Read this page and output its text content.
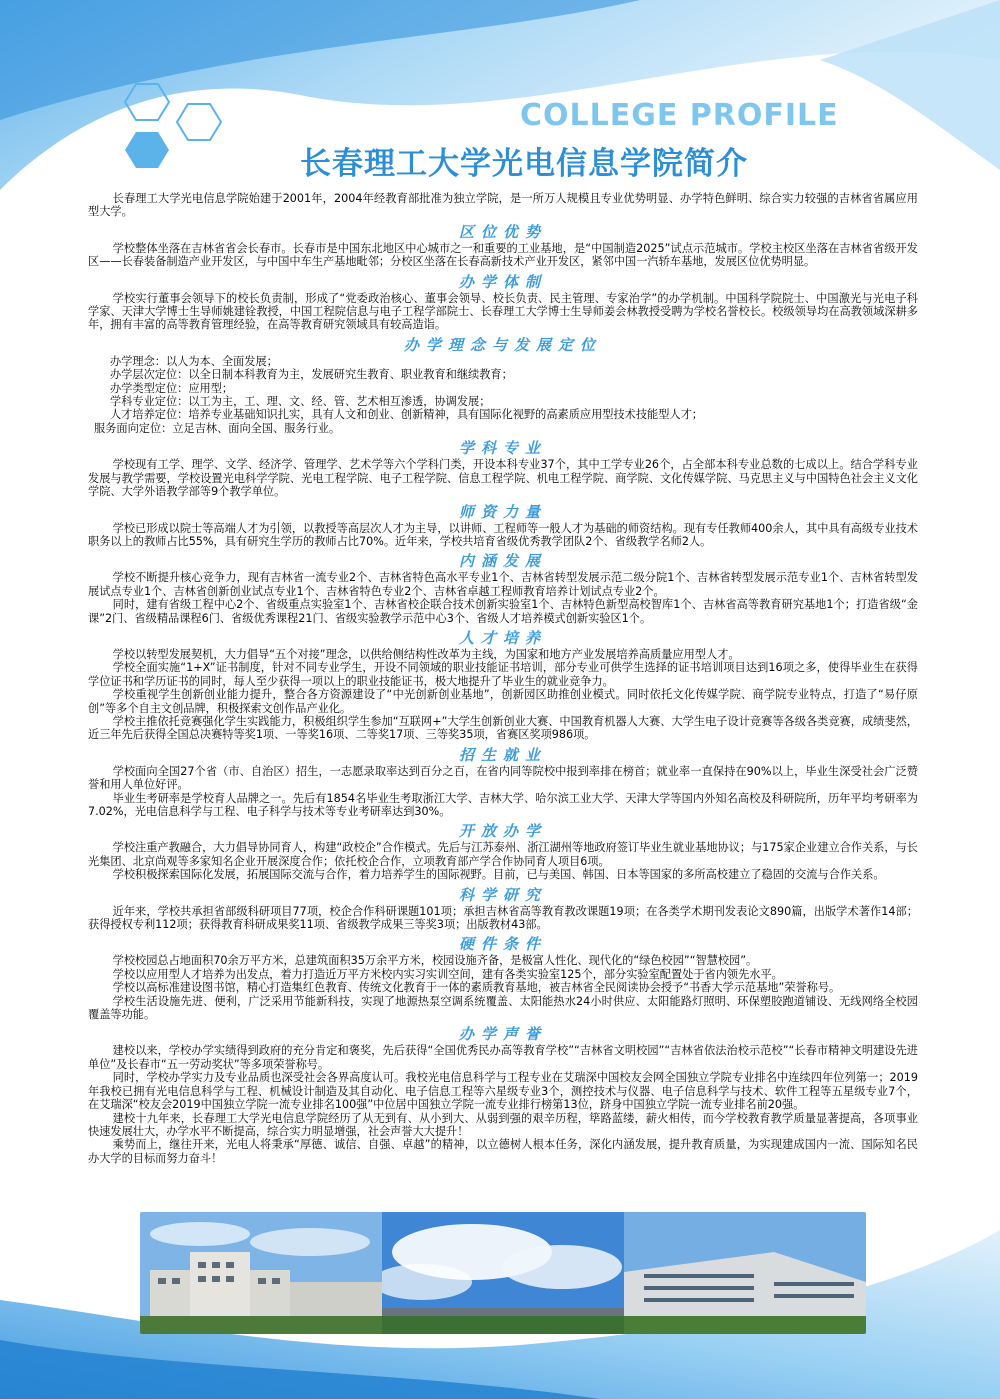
COLLEGE PROFILE
长春理工大学光电信息学院简介

长春理工大学光电信息学院始建于2001年，2004年经教育部批准为独立学院，是一所万人规模且专业优势明显、办学特色鲜明、综合实力较强的吉林省省属应用型大学。

区位优势

学校整体坐落在吉林省省会长春市。长春市是中国东北地区中心城市之一和重要的工业基地，是“中国制造2025”试点示范城市。学校主校区坐落在吉林省省级开发区——长春装备制造产业开发区，与中国中车生产基地毗邻；分校区坐落在长春高新技术产业开发区，紧邻中国一汽轿车基地，发展区位优势明显。

办学体制

学校实行董事会领导下的校长负责制，形成了“党委政治核心、董事会领导、校长负责、民主管理、专家治学”的办学机制。中国科学院院士、中国激光与光电子科学家、天津大学博士生导师姚建铨教授，中国工程院信息与电子工程学部院士、长春理工大学博士生导师姜会林教授受聘为学校名誉校长。校级领导均在高教领域深耕多年，拥有丰富的高等教育管理经验，在高等教育研究领域具有较高造诣。

办学理念与发展定位
办学理念：以人为本、全面发展；
办学层次定位：以全日制本科教育为主，发展研究生教育、职业教育和继续教育；
办学类型定位：应用型；
学科专业定位：以工为主，工、理、文、经、管、艺术相互渗透，协调发展；
人才培养定位：培养专业基础知识扎实，具有人文和创业、创新精神，具有国际化视野的高素质应用型技术技能型人才；
服务面向定位：立足吉林、面向全国、服务行业。
学科专业

学校现有工学、理学、文学、经济学、管理学、艺术学等六个学科门类，开设本科专业37个，其中工学专业26个，占全部本科专业总数的七成以上。结合学科专业发展与教学需要，学校设置光电科学学院、光电工程学院、电子工程学院、信息工程学院、机电工程学院、商学院、文化传媒学院、马克思主义与中国特色社会主义文化学院、大学外语教学部等9个教学单位。

师资力量

学校已形成以院士等高端人才为引领，以教授等高层次人才为主导，以讲师、工程师等一般人才为基础的师资结构。现有专任教师400余人，其中具有高级专业技术职务以上的教师占比55%，具有研究生学历的教师占比70%。近年来，学校共培育省级优秀教学团队2个、省级教学名师2人。

内涵发展

学校不断提升核心竞争力，现有吉林省一流专业2个、吉林省特色高水平专业1个、吉林省转型发展示范二级分院1个、吉林省转型发展示范专业1个、吉林省转型发展试点专业1个、吉林省创新创业试点专业1个、吉林省特色专业2个、吉林省卓越工程师教育培养计划试点专业2个。

同时，建有省级工程中心2个、省级重点实验室1个、吉林省校企联合技术创新实验室1个、吉林特色新型高校智库1个、吉林省高等教育研究基地1个；打造省级“金课”2门、省级精品课程6门、省级优秀课程21门、省级实验教学示范中心3个、省级人才培养模式创新实验区1个。

人才培养

学校以转型发展契机，大力倡导“五个对接”理念，以供给侧结构性改革为主线，为国家和地方产业发展培养高质量应用型人才。

学校全面实施“1+X”证书制度，针对不同专业学生，开设不同领域的职业技能证书培训，部分专业可供学生选择的证书培训项目达到16项之多，使得毕业生在获得学位证书和学历证书的同时，每人至少获得一项以上的职业技能证书，极大地提升了毕业生的就业竞争力。

学校重视学生创新创业能力提升，整合各方资源建设了“中光创新创业基地”，创新园区助推创业模式。同时依托文化传媒学院、商学院专业特点，打造了“易仔原创”等多个自主文创品牌，积极探索文创作品产业化。

学校主推依托竞赛强化学生实践能力，积极组织学生参加“互联网+”大学生创新创业大赛、中国教育机器人大赛、大学生电子设计竞赛等各级各类竞赛，成绩斐然，近三年先后获得全国总决赛特等奖1项、一等奖16项、二等奖17项、三等奖35项，省赛区奖项986项。

招生就业

学校面向全国27个省（市、自治区）招生，一志愿录取率达到百分之百，在省内同等院校中报到率排在榜首；就业率一直保持在90%以上，毕业生深受社会广泛赞誉和用人单位好评。

毕业生考研率是学校育人品牌之一。先后有1854名毕业生考取浙江大学、吉林大学、哈尔滨工业大学、天津大学等国内外知名高校及科研院所，历年平均考研率为7.02%，光电信息科学与工程、电子科学与技术等专业考研率达到30%。

开放办学

学校注重产教融合，大力倡导协同育人，构建“政校企”合作模式。先后与江苏泰州、浙江湖州等地政府签订毕业生就业基地协议；与175家企业建立合作关系，与长光集团、北京尚观等多家知名企业开展深度合作；依托校企合作，立项教育部产学合作协同育人项目6项。

学校积极探索国际化发展，拓展国际交流与合作，着力培养学生的国际视野。目前，已与美国、韩国、日本等国家的多所高校建立了稳固的交流与合作关系。

科学研究

近年来，学校共承担省部级科研项目77项，校企合作科研课题101项；承担吉林省高等教育教改课题19项；在各类学术期刊发表论文890篇，出版学术著作14部；获得授权专利112项；获得教育科研成果奖11项、省级教学成果三等奖3项；出版教材43部。

硬件条件

学校校园总占地面积70余万平方米，总建筑面积35万余平方米，校园设施齐备，是极富人性化、现代化的“绿色校园”“智慧校园”。

学校以应用型人才培养为出发点，着力打造近万平方米校内实习实训空间，建有各类实验室125个，部分实验室配置处于省内领先水平。

学校以高标准建设图书馆，精心打造集红色教育、传统文化教育于一体的素质教育基地，被吉林省全民阅读协会授予“书香大学示范基地”荣誉称号。

学校生活设施先进、便利，广泛采用节能新科技，实现了地源热泵空调系统覆盖、太阳能热水24小时供应、太阳能路灯照明、环保塑胶跑道铺设、无线网络全校园覆盖等功能。

办学声誉

建校以来，学校办学实绩得到政府的充分肯定和褒奖，先后获得“全国优秀民办高等教育学校”“吉林省文明校园”“吉林省依法治校示范校”“长春市精神文明建设先进单位”及长春市“五一劳动奖状”等多项荣誉称号。

同时，学校办学实力及专业品质也深受社会各界高度认可。我校光电信息科学与工程专业在艾瑞深中国校友会网全国独立学院专业排名中连续四年位列第一；2019年我校已拥有光电信息科学与工程、机械设计制造及其自动化、电子信息工程等六星级专业3个，测控技术与仪器、电子信息科学与技术、软件工程等五星级专业7个，在艾瑞深“校友会2019中国独立学院一流专业排名100强”中位居中国独立学院一流专业排行榜第13位，跻身中国独立学院一流专业排名前20强。

建校十九年来，长春理工大学光电信息学院经历了从无到有、从小到大、从弱到强的艰辛历程，筚路蓝缕，薪火相传，而今学校教育教学质量显著提高，各项事业快速发展壮大，办学水平不断提高，综合实力明显增强，社会声誉大大提升！

乘势而上，继往开来，光电人将秉承“厚德、诚信、自强、卓越”的精神，以立德树人根本任务，深化内涵发展，提升教育质量，为实现建成国内一流、国际知名民办大学的目标而努力奋斗！
